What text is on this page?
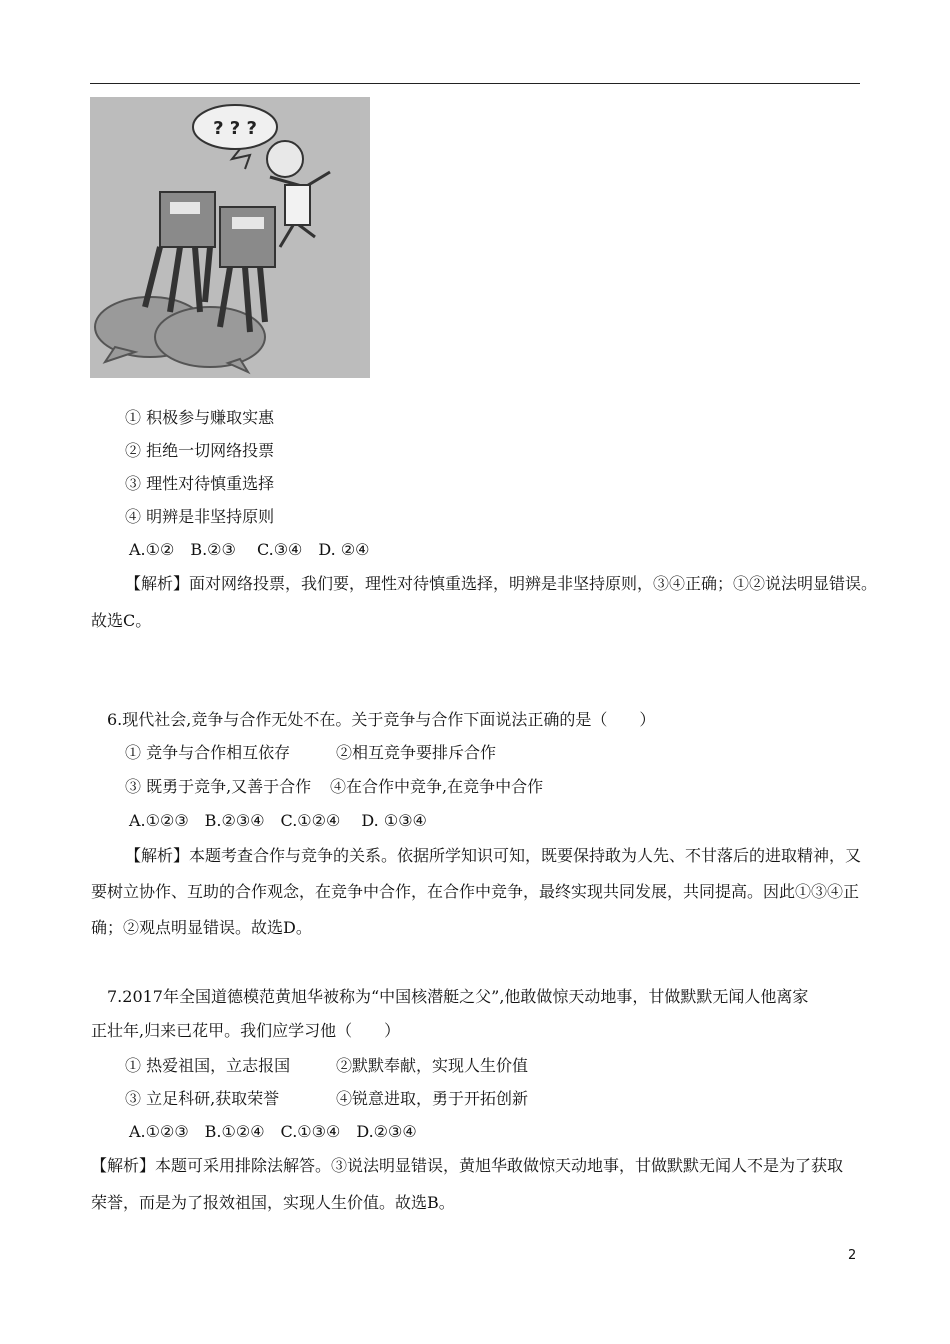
? ? ?
① 积极参与赚取实惠
② 拒绝一切网络投票
③ 理性对待慎重选择
④ 明辨是非坚持原则
A.①②　B.②③　 C.③④　D. ②④
【解析】面对网络投票，我们要，理性对待慎重选择，明辨是非坚持原则，③④正确；①②说法明显错误。
故选C。
6.现代社会,竞争与合作无处不在。关于竞争与合作下面说法正确的是（　　）
① 竞争与合作相互依存	②相互竞争要排斥合作
③ 既勇于竞争,又善于合作 ④在合作中竞争,在竞争中合作
A.①②③　B.②③④　C.①②④　 D. ①③④
【解析】本题考查合作与竞争的关系。依据所学知识可知，既要保持敢为人先、不甘落后的进取精神，又
要树立协作、互助的合作观念，在竞争中合作，在合作中竞争，最终实现共同发展，共同提高。因此①③④正
确；②观点明显错误。故选D。
7.2017年全国道德模范黄旭华被称为“中国核潜艇之父”,他敢做惊天动地事，甘做默默无闻人他离家
正壮年,归来已花甲。我们应学习他（　　）
① 热爱祖国，立志报国	②默默奉献，实现人生价值
③ 立足科研,获取荣誉	④锐意进取，勇于开拓创新
A.①②③　B.①②④　C.①③④　D.②③④
【解析】本题可采用排除法解答。③说法明显错误，黄旭华敢做惊天动地事，甘做默默无闻人不是为了获取
荣誉，而是为了报效祖国，实现人生价值。故选B。
2
